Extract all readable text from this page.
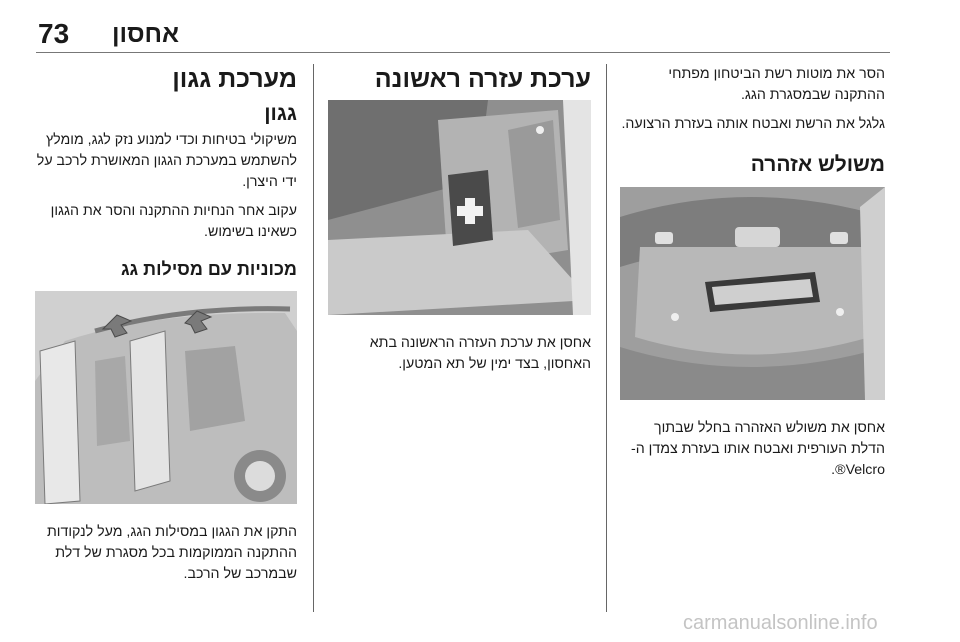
73 אחסון

הסר את מוטות רשת הביטחון מפתחי ההתקנה שבמסגרת הגג.

גלגל את הרשת ואבטח אותה בעזרת הרצועה.

משולש אזהרה

אחסן את משולש האזהרה בחלל שבתוך הדלת העורפית ואבטח אותו בעזרת צמדן ה-Velcro®.

ערכת עזרה ראשונה

אחסן את ערכת העזרה הראשונה בתא האחסון, בצד ימין של תא המטען.

מערכת גגון
גגון

משיקולי בטיחות וכדי למנוע נזק לגג, מומלץ להשתמש במערכת הגגון המאושרת לרכב על ידי היצרן.

עקוב אחר הנחיות ההתקנה והסר את הגגון כשאינו בשימוש.

מכוניות עם מסילות גג

התקן את הגגון במסילות הגג, מעל לנקודות ההתקנה הממוקמות בכל מסגרת של דלת שבמרכב של הרכב.

carmanualsonline.info
